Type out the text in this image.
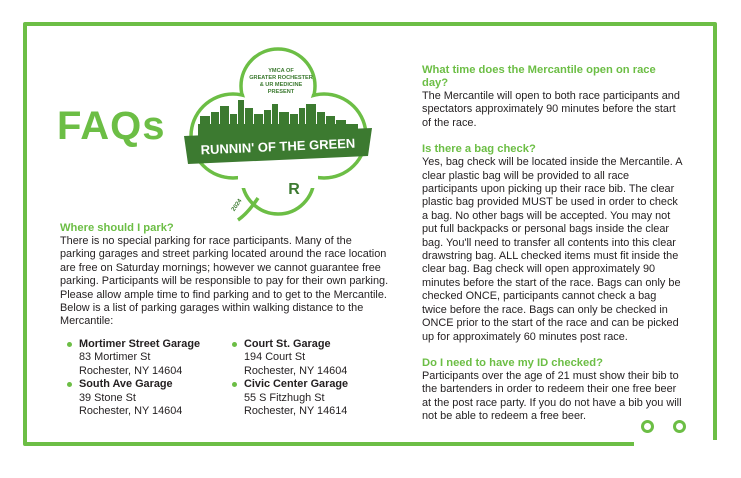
FAQs
YMCA OF
GREATER ROCHESTER
& UR MEDICINE
PRESENT
RUNNIN' OF THE GREEN
2024
R

Where should I park?

There is no special parking for race participants. Many of the parking garages and street parking located around the race location are free on Saturday mornings; however we cannot guarantee free parking. Participants will be responsible to pay for their own parking. Please allow ample time to find parking and to get to the Mercantile. Below is a list of parking garages within walking distance to the Mercantile:

Mortimer Street Garage
83 Mortimer St
Rochester, NY 14604
South Ave Garage
39 Stone St
Rochester, NY 14604
Court St. Garage
194 Court St
Rochester, NY 14604
Civic Center Garage
55 S Fitzhugh St
Rochester, NY 14614

What time does the Mercantile open on race day?

The Mercantile will open to both race participants and spectators approximately 90 minutes before the start of the race.

Is there a bag check?

Yes, bag check will be located inside the Mercantile. A clear plastic bag will be provided to all race participants upon picking up their race bib. The clear plastic bag provided MUST be used in order to check a bag. No other bags will be accepted. You may not put full backpacks or personal bags inside the clear bag. You'll need to transfer all contents into this clear drawstring bag. ALL checked items must fit inside the clear bag. Bag check will open approximately 90 minutes before the start of the race. Bags can only be checked ONCE, participants cannot check a bag twice before the race. Bags can only be checked in ONCE prior to the start of the race and can be picked up for approximately 60 minutes post race.

Do I need to have my ID checked?

Participants over the age of 21 must show their bib to the bartenders in order to redeem their one free beer at the post race party. If you do not have a bib you will not be able to redeem a free beer.
